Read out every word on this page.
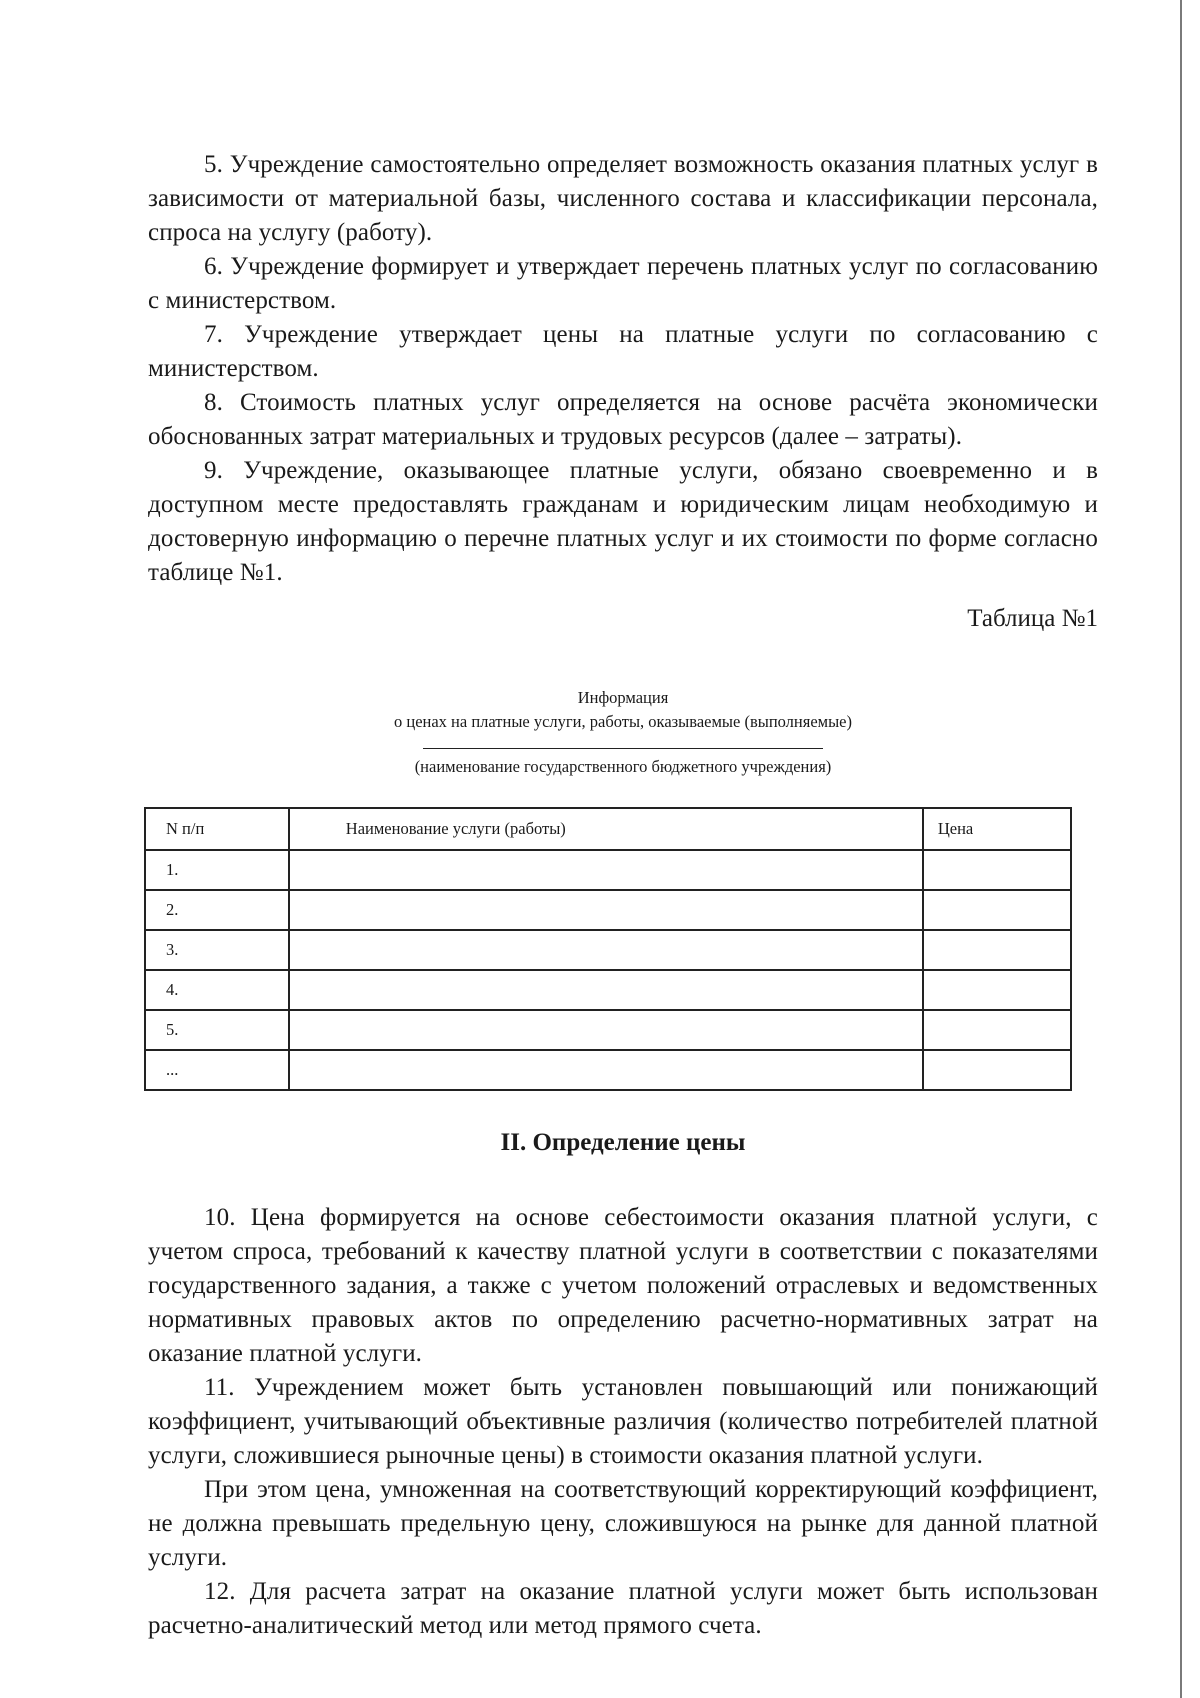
5. Учреждение самостоятельно определяет возможность оказания платных услуг в зависимости от материальной базы, численного состава и классификации персонала, спроса на услугу (работу).

6. Учреждение формирует и утверждает перечень платных услуг по согласованию с министерством.

7. Учреждение утверждает цены на платные услуги по согласованию с министерством.

8. Стоимость платных услуг определяется на основе расчёта экономически обоснованных затрат материальных и трудовых ресурсов (далее – затраты).

9. Учреждение, оказывающее платные услуги, обязано своевременно и в доступном месте предоставлять гражданам и юридическим лицам необходимую и достоверную информацию о перечне платных услуг и их стоимости по форме согласно таблице №1.

Таблица №1

Информация
о ценах на платные услуги, работы, оказываемые (выполняемые)
(наименование государственного бюджетного учреждения)
N п/п	Наименование услуги (работы)	Цена
1.		
2.		
3.		
4.		
5.		
...		
II. Определение цены

10. Цена формируется на основе себестоимости оказания платной услуги, с учетом спроса, требований к качеству платной услуги в соответствии с показателями государственного задания, а также с учетом положений отраслевых и ведомственных нормативных правовых актов по определению расчетно-нормативных затрат на оказание платной услуги.

11. Учреждением может быть установлен повышающий или понижающий коэффициент, учитывающий объективные различия (количество потребителей платной услуги, сложившиеся рыночные цены) в стоимости оказания платной услуги.

При этом цена, умноженная на соответствующий корректирующий коэффициент, не должна превышать предельную цену, сложившуюся на рынке для данной платной услуги.

12. Для расчета затрат на оказание платной услуги может быть использован расчетно-аналитический метод или метод прямого счета.
